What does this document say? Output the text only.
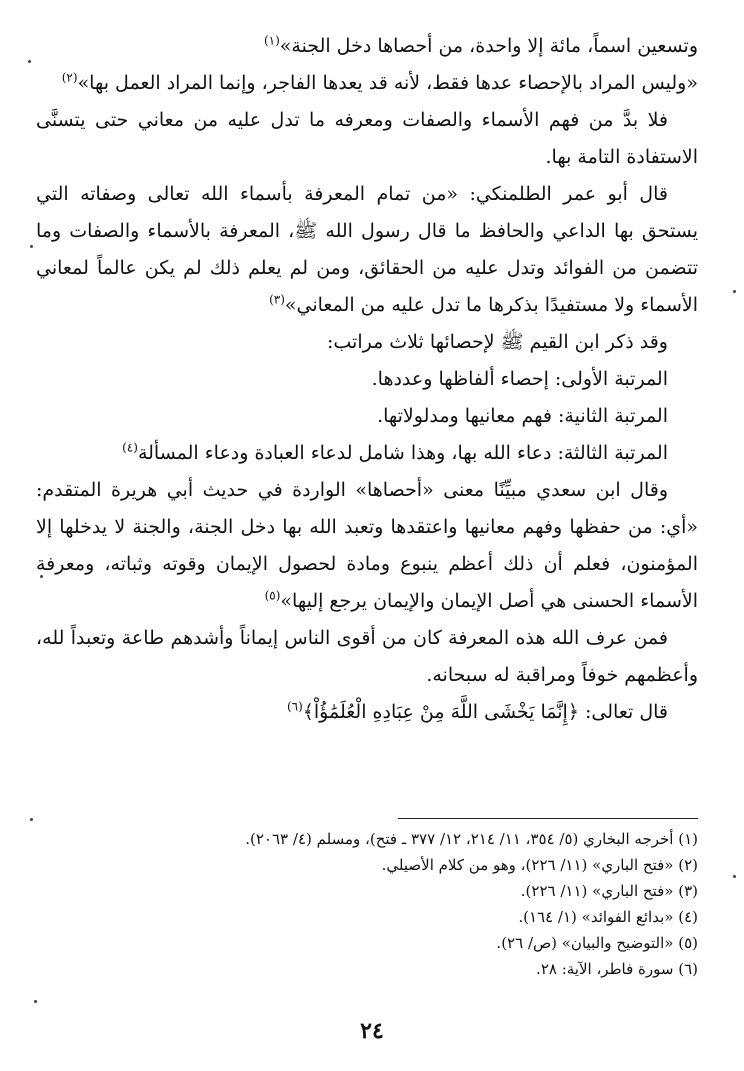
وتسعين اسماً، مائة إلا واحدة، من أحصاها دخل الجنة»$^{(١)}$

«وليس المراد بالإحصاء عدها فقط، لأنه قد يعدها الفاجر، وإنما المراد العمل بها»$^{(٢)}$

فلا بدَّ من فهم الأسماء والصفات ومعرفه ما تدل عليه من معاني حتى يتسنَّى الاستفادة التامة بها.

قال أبو عمر الطلمنكي: «من تمام المعرفة بأسماء الله تعالى وصفاته التي يستحق بها الداعي والحافظ ما قال رسول الله ﷺ، المعرفة بالأسماء والصفات وما تتضمن من الفوائد وتدل عليه من الحقائق، ومن لم يعلم ذلك لم يكن عالماً لمعاني الأسماء ولا مستفيدًا بذكرها ما تدل عليه من المعاني»$^{(٣)}$

وقد ذكر ابن القيم ﷺ لإحصائها ثلاث مراتب:

المرتبة الأولى: إحصاء ألفاظها وعددها.

المرتبة الثانية: فهم معانيها ومدلولاتها.

المرتبة الثالثة: دعاء الله بها، وهذا شامل لدعاء العبادة ودعاء المسألة$^{(٤)}$

وقال ابن سعدي مبيِّنًا معنى «أحصاها» الواردة في حديث أبي هريرة المتقدم: «أي: من حفظها وفهم معانيها واعتقدها وتعبد الله بها دخل الجنة، والجنة لا يدخلها إلا المؤمنون، فعلم أن ذلك أعظم ينبوع ومادة لحصول الإيمان وقوته وثباته، ومعرفة الأسماء الحسنى هي أصل الإيمان والإيمان يرجع إليها»$^{(٥)}$

فمن عرف الله هذه المعرفة كان من أقوى الناس إيماناً وأشدهم طاعة وتعبداً لله، وأعظمهم خوفاً ومراقبة له سبحانه.

قال تعالى: ﴿إِنَّمَا يَخْشَى اللَّهَ مِنْ عِبَادِهِ الْعُلَمَٰؤُاْ﴾$^{(٦)}$

(١) أخرجه البخاري (٥/ ٣٥٤، ١١/ ٢١٤، ١٢/ ٣٧٧ ـ فتح)، ومسلم (٤/ ٢٠٦٣).
(٢) «فتح الباري» (١١/ ٢٢٦)، وهو من كلام الأصيلي.
(٣) «فتح الباري» (١١/ ٢٢٦).
(٤) «بدائع الفوائد» (١/ ١٦٤).
(٥) «التوضيح والبيان» (ص/ ٢٦).
(٦) سورة فاطر، الآية: ٢٨.
٢٤
